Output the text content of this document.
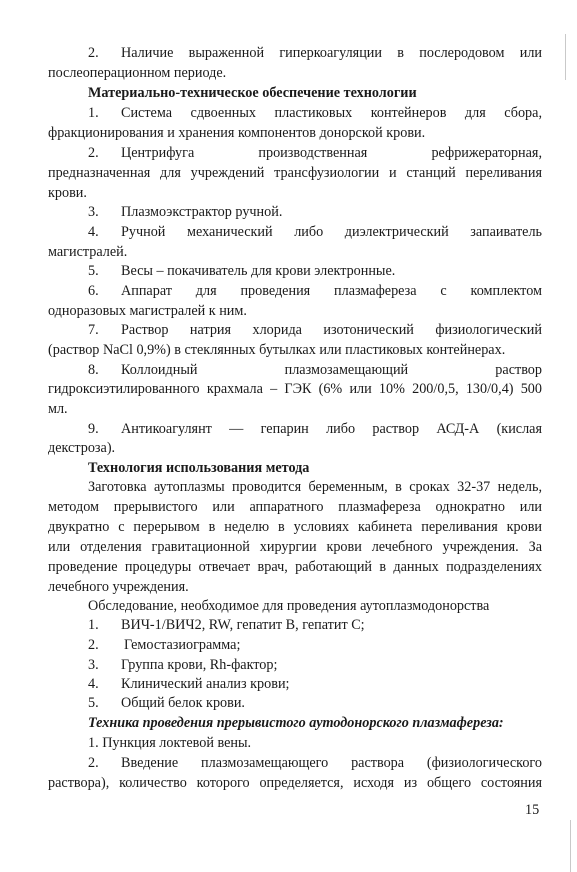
2.	Наличие выраженной гиперкоагуляции в послеродовом или
послеоперационном периоде.
Материально-техническое обеспечение технологии
1.	Система сдвоенных пластиковых контейнеров для сбора,
фракционирования и хранения компонентов донорской крови.
2.	Центрифуга производственная рефрижераторная,
предназначенная для учреждений трансфузиологии и станций переливания
крови.
3.	Плазмоэкстрактор ручной.
4.	Ручной механический либо диэлектрический запаиватель
магистралей.
5.	Весы – покачиватель для крови электронные.
6.	Аппарат для проведения плазмафереза с комплектом
одноразовых магистралей к ним.
7.	Раствор натрия хлорида изотонический физиологический
(раствор NaCl 0,9%) в стеклянных бутылках или пластиковых контейнерах.
8.	Коллоидный плазмозамещающий раствор
гидроксиэтилированного крахмала – ГЭК (6% или 10% 200/0,5, 130/0,4) 500
мл.
9.	Антикоагулянт — гепарин либо раствор АСД-А (кислая
декстроза).
Технология использования метода
Заготовка аутоплазмы проводится беременным, в сроках 32-37 недель,
методом прерывистого или аппаратного плазмафереза однократно или
двукратно с перерывом в неделю в условиях кабинета переливания крови
или отделения гравитационной хирургии крови лечебного учреждения. За
проведение процедуры отвечает врач, работающий в данных подразделениях
лечебного учреждения.
Обследование, необходимое для проведения аутоплазмодонорства
1.	ВИЧ-1/ВИЧ2, RW, гепатит В, гепатит С;
2.	Гемостазиограмма;
3.	Группа крови, Rh-фактор;
4.	Клинический анализ крови;
5.	Общий белок крови.
Техника проведения прерывистого аутодонорского плазмафереза:
1. Пункция локтевой вены.
2.	Введение плазмозамещающего раствора (физиологического
раствора), количество которого определяется, исходя из общего состояния
15
